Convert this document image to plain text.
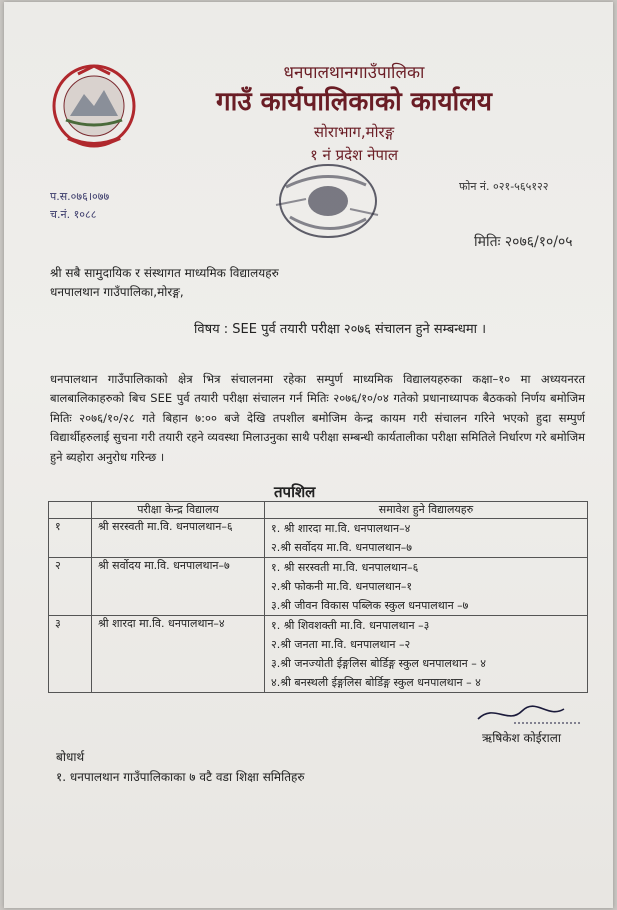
धनपालथानगाउँपालिका
गाउँ कार्यपालिकाको कार्यालय
सोराभाग,मोरङ्ग
१ नं प्रदेश नेपाल
प.स.०७६।०७७
च.नं. १०८८
फोन नं. ०२१-५६५१२२
मितिः २०७६/१०/०५
श्री सबै सामुदायिक र संस्थागत माध्यमिक विद्यालयहरु
धनपालथान गाउँपालिका,मोरङ्ग,
विषय : SEE पुर्व तयारी परीक्षा २०७६ संचालन हुने सम्बन्धमा ।
धनपालथान गाउँपालिकाको क्षेत्र भित्र संचालनमा रहेका सम्पुर्ण माध्यमिक विद्यालयहरुका कक्षा–१० मा अध्ययनरत बालबालिकाहरुको बिच SEE पुर्व तयारी परीक्षा संचालन गर्न मितिः २०७६/१०/०४ गतेको प्रधानाध्यापक बैठकको निर्णय बमोजिम मितिः २०७६/१०/२८ गते बिहान ७:०० बजे देखि तपशील बमोजिम केन्द्र कायम गरी संचालन गरिने भएको हुदा सम्पुर्ण विद्यार्थीहरुलाई सुचना गरी तयारी रहने व्यवस्था मिलाउनुका साथै परीक्षा सम्बन्धी कार्यतालीका परीक्षा समितिले निर्धारण गरे बमोजिम हुने ब्यहोरा अनुरोध गरिन्छ ।
तपशिल
	परीक्षा केन्द्र विद्यालय	समावेश हुने विद्यालयहरु
१	श्री सरस्वती मा.वि. धनपालथान–६	१. श्री शारदा मा.वि. धनपालथान–४
२.श्री सर्वोदय मा.वि. धनपालथान–७

२	श्री सर्वोदय मा.वि. धनपालथान–७	१. श्री सरस्वती मा.वि. धनपालथान–६
२.श्री फोकनी मा.वि. धनपालथान–१
३.श्री जीवन विकास पब्लिक स्कुल धनपालथान –७

३	श्री शारदा मा.वि. धनपालथान–४	१. श्री शिवशक्ती मा.वि. धनपालथान –३
२.श्री जनता मा.वि. धनपालथान –२
३.श्री जनज्योती ईङ्गलिस बोर्डिङ्ग स्कुल धनपालथान – ४
४.श्री बनस्थली ईङ्गलिस बोर्डिङ्ग स्कुल धनपालथान – ४
ऋषिकेश कोईराला
बोधार्थ
१. धनपालथान गाउँपालिकाका ७ वटै वडा शिक्षा समितिहरु
